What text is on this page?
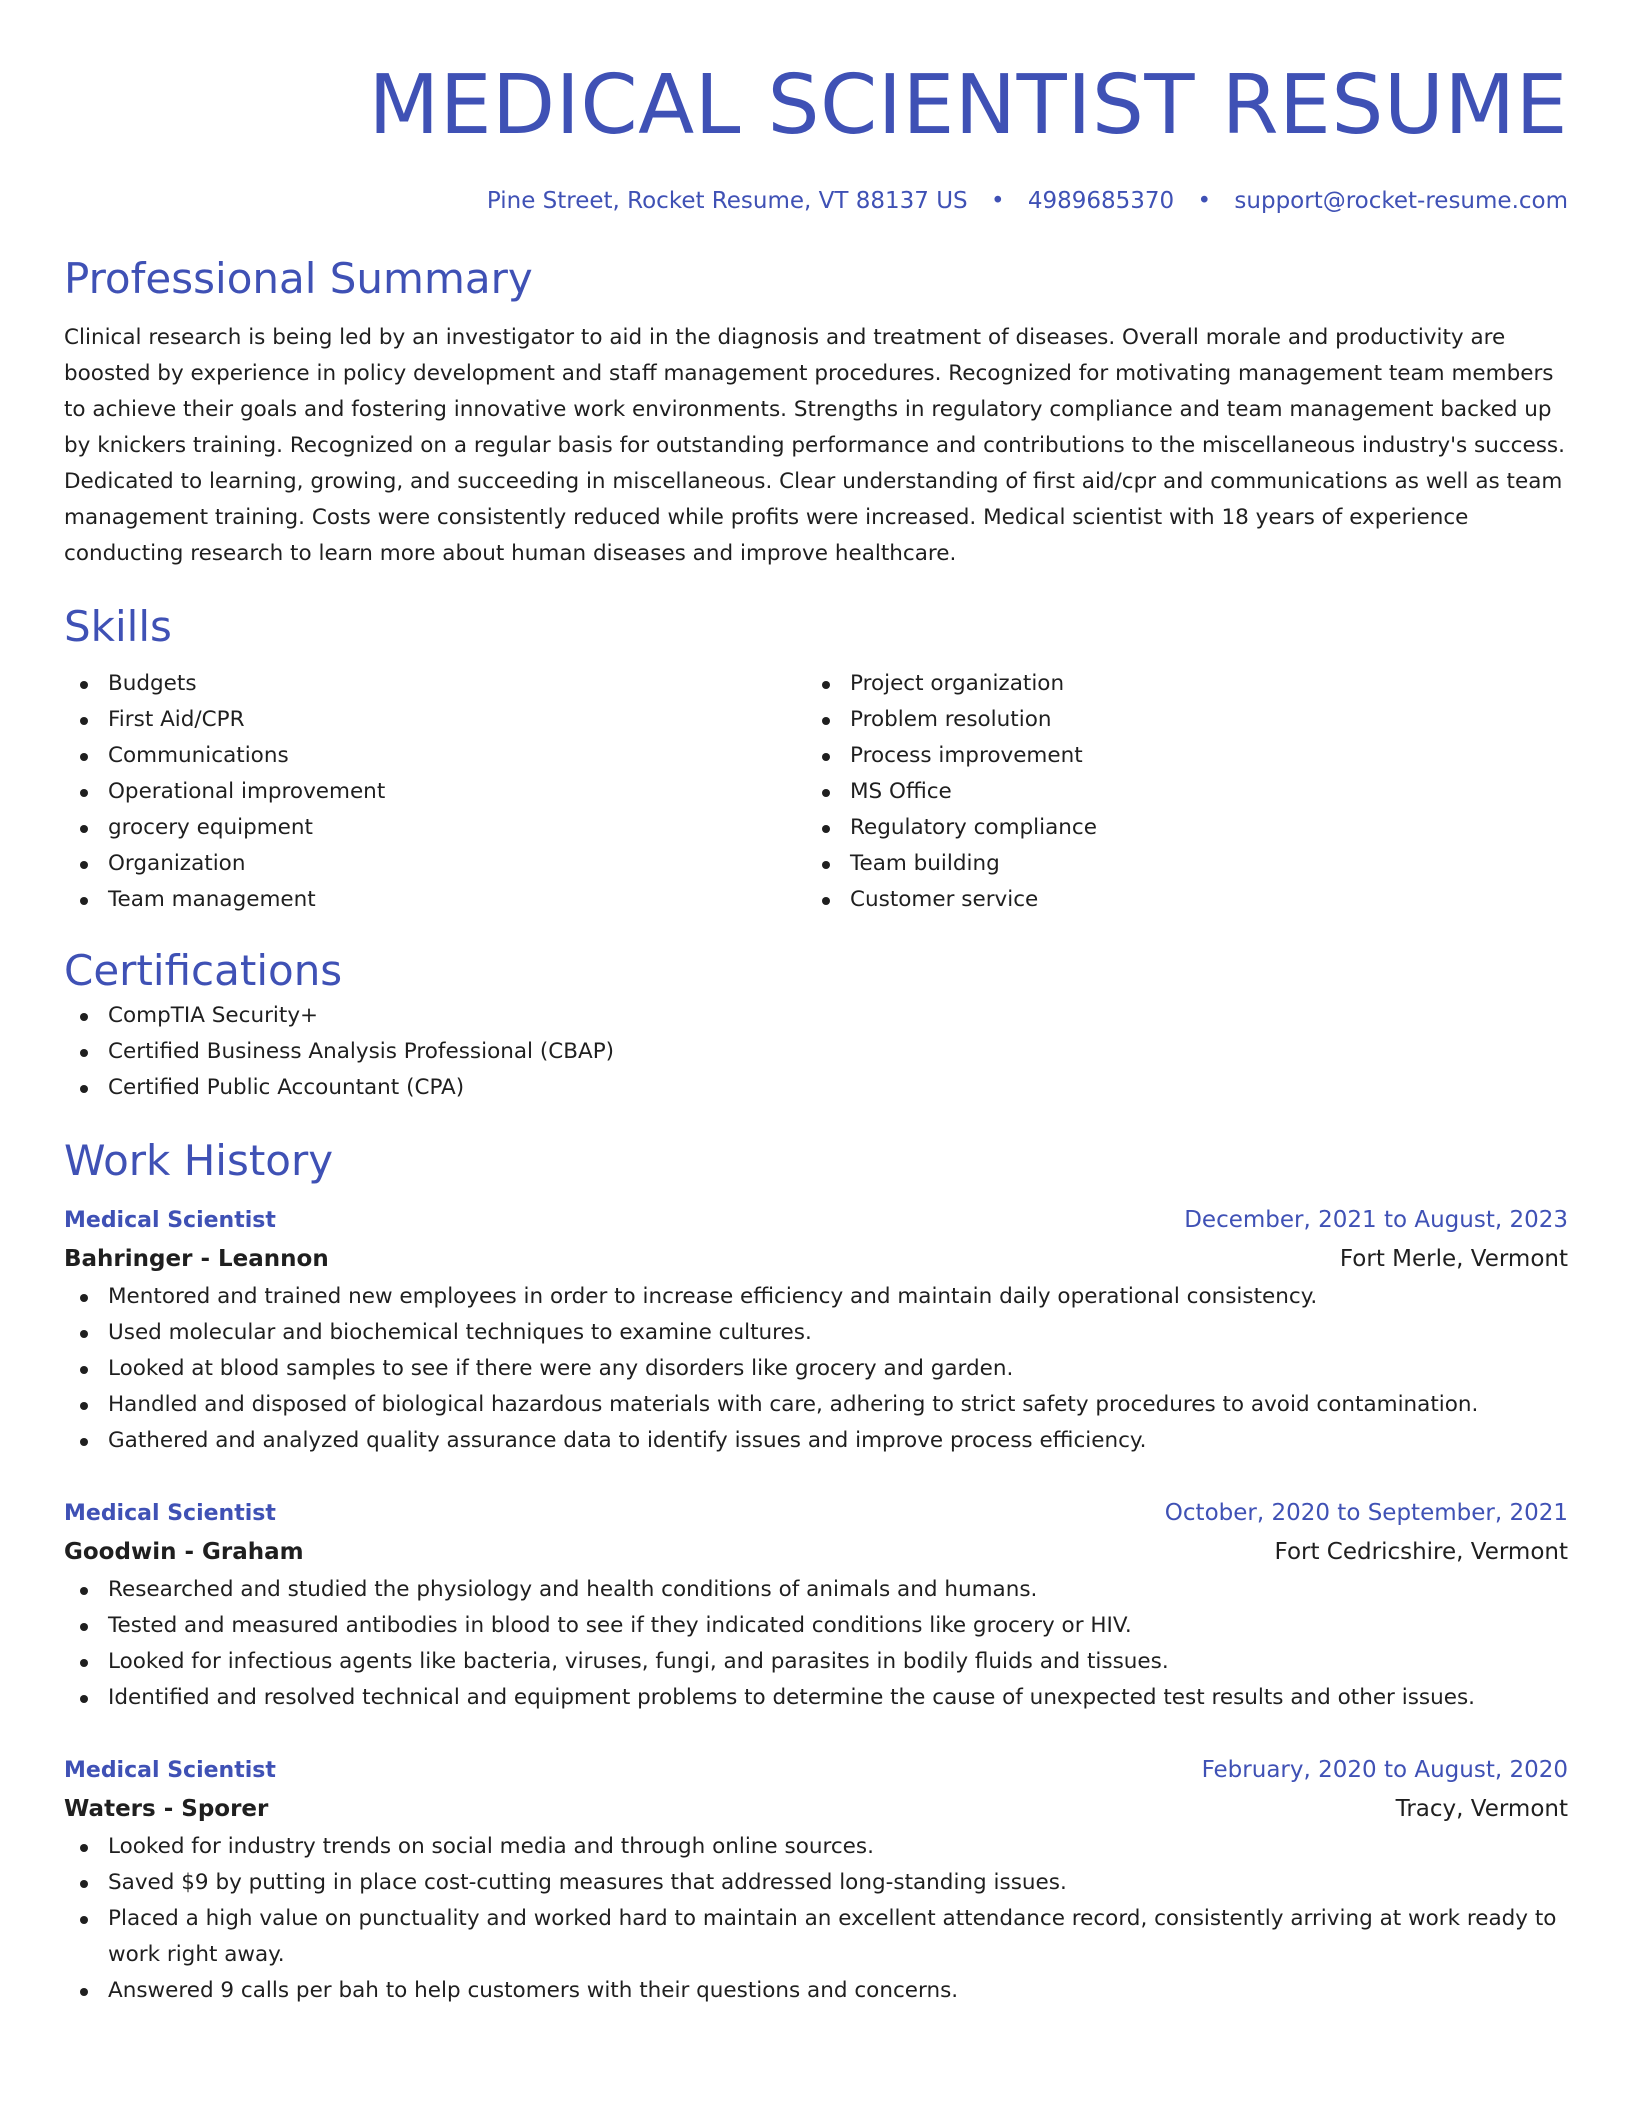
MEDICAL SCIENTIST RESUME
Pine Street, Rocket Resume, VT 88137 US • 4989685370 • support@rocket-resume.com
Professional Summary

Clinical research is being led by an investigator to aid in the diagnosis and treatment of diseases. Overall morale and productivity are boosted by experience in policy development and staff management procedures. Recognized for motivating management team members to achieve their goals and fostering innovative work environments. Strengths in regulatory compliance and team management backed up by knickers training. Recognized on a regular basis for outstanding performance and contributions to the miscellaneous industry's success. Dedicated to learning, growing, and succeeding in miscellaneous. Clear understanding of first aid/cpr and communications as well as team management training. Costs were consistently reduced while profits were increased. Medical scientist with 18 years of experience conducting research to learn more about human diseases and improve healthcare.

Skills
Budgets
First Aid/CPR
Communications
Operational improvement
grocery equipment
Organization
Team management
Project organization
Problem resolution
Process improvement
MS Office
Regulatory compliance
Team building
Customer service
Certifications
CompTIA Security+
Certified Business Analysis Professional (CBAP)
Certified Public Accountant (CPA)
Work History
Medical Scientist	December, 2021 to August, 2023
Bahringer - Leannon	Fort Merle, Vermont
Mentored and trained new employees in order to increase efficiency and maintain daily operational consistency.
Used molecular and biochemical techniques to examine cultures.
Looked at blood samples to see if there were any disorders like grocery and garden.
Handled and disposed of biological hazardous materials with care, adhering to strict safety procedures to avoid contamination.
Gathered and analyzed quality assurance data to identify issues and improve process efficiency.
Medical Scientist	October, 2020 to September, 2021
Goodwin - Graham	Fort Cedricshire, Vermont
Researched and studied the physiology and health conditions of animals and humans.
Tested and measured antibodies in blood to see if they indicated conditions like grocery or HIV.
Looked for infectious agents like bacteria, viruses, fungi, and parasites in bodily fluids and tissues.
Identified and resolved technical and equipment problems to determine the cause of unexpected test results and other issues.
Medical Scientist	February, 2020 to August, 2020
Waters - Sporer	Tracy, Vermont
Looked for industry trends on social media and through online sources.
Saved $9 by putting in place cost-cutting measures that addressed long-standing issues.
Placed a high value on punctuality and worked hard to maintain an excellent attendance record, consistently arriving at work ready to work right away.
Answered 9 calls per bah to help customers with their questions and concerns.
